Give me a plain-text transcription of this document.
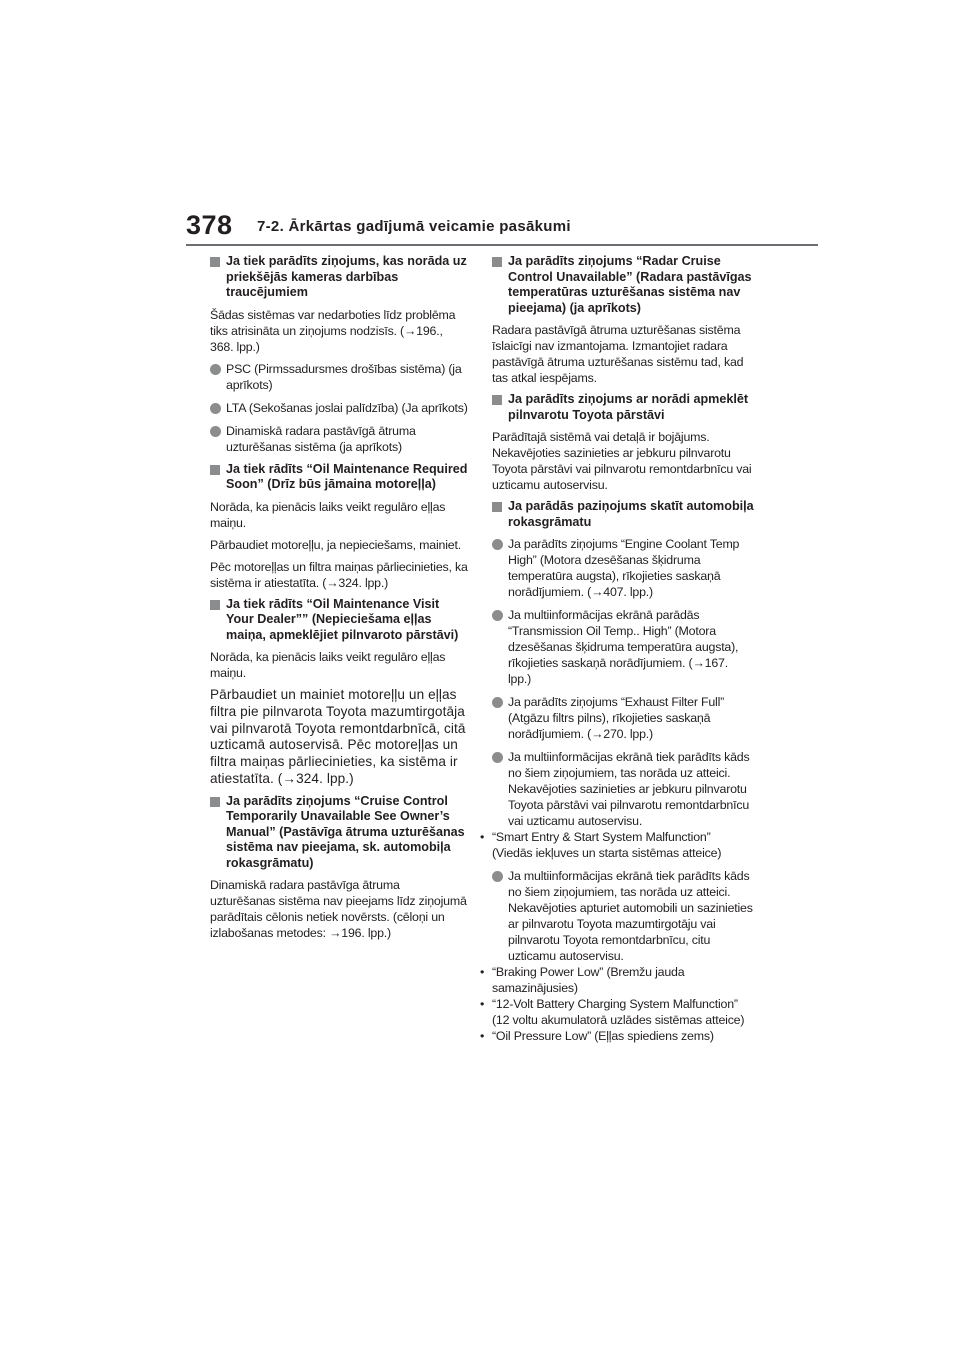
378 7-2. Ārkārtas gadījumā veicamie pasākumi
Ja tiek parādīts ziņojums, kas norāda uz priekšējās kameras darbības traucējumiem

Šādas sistēmas var nedarboties līdz problēma tiks atrisināta un ziņojums nodzisīs. (→196., 368. lpp.)

PSC (Pirmssadursmes drošības sistēma) (ja aprīkots)
LTA (Sekošanas joslai palīdzība) (Ja aprīkots)
Dinamiskā radara pastāvīgā ātruma uzturēšanas sistēma (ja aprīkots)
Ja tiek rādīts “Oil Maintenance Required Soon” (Drīz būs jāmaina motoreļļa)

Norāda, ka pienācis laiks veikt regulāro eļļas maiņu.

Pārbaudiet motoreļļu, ja nepieciešams, mainiet.

Pēc motoreļļas un filtra maiņas pārliecinieties, ka sistēma ir atiestatīta. (→324. lpp.)

Ja tiek rādīts “Oil Maintenance Visit Your Dealer”” (Nepieciešama eļļas maiņa, apmeklējiet pilnvaroto pārstāvi)

Norāda, ka pienācis laiks veikt regulāro eļļas maiņu.

Pārbaudiet un mainiet motoreļļu un eļļas filtra pie pilnvarota Toyota mazumtirgotāja vai pilnvarotā Toyota remontdarbnīcā, citā uzticamā autoservisā. Pēc motoreļļas un filtra maiņas pārliecinieties, ka sistēma ir atiestatīta. (→324. lpp.)

Ja parādīts ziņojums “Cruise Control Temporarily Unavailable See Owner’s Manual” (Pastāvīga ātruma uzturēšanas sistēma nav pieejama, sk. automobiļa rokasgrāmatu)

Dinamiskā radara pastāvīga ātruma uzturēšanas sistēma nav pieejams līdz ziņojumā parādītais cēlonis netiek novērsts. (cēloņi un izlabošanas metodes: →196. lpp.)

Ja parādīts ziņojums “Radar Cruise Control Unavailable” (Radara pastāvīgas temperatūras uzturēšanas sistēma nav pieejama) (ja aprīkots)

Radara pastāvīgā ātruma uzturēšanas sistēma īslaicīgi nav izmantojama. Izmantojiet radara pastāvīgā ātruma uzturēšanas sistēmu tad, kad tas atkal iespējams.

Ja parādīts ziņojums ar norādi apmeklēt pilnvarotu Toyota pārstāvi

Parādītajā sistēmā vai detaļā ir bojājums. Nekavējoties sazinieties ar jebkuru pilnvarotu Toyota pārstāvi vai pilnvarotu remontdarbnīcu vai uzticamu autoservisu.

Ja parādās paziņojums skatīt automobiļa rokasgrāmatu
Ja parādīts ziņojums “Engine Coolant Temp High” (Motora dzesēšanas šķidruma temperatūra augsta), rīkojieties saskaņā norādījumiem. (→407. lpp.)
Ja multiinformācijas ekrānā parādās “Transmission Oil Temp.. High” (Motora dzesēšanas šķidruma temperatūra augsta), rīkojieties saskaņā norādījumiem. (→167. lpp.)
Ja parādīts ziņojums “Exhaust Filter Full” (Atgāzu filtrs pilns), rīkojieties saskaņā norādījumiem. (→270. lpp.)
Ja multiinformācijas ekrānā tiek parādīts kāds no šiem ziņojumiem, tas norāda uz atteici. Nekavējoties sazinieties ar jebkuru pilnvarotu Toyota pārstāvi vai pilnvarotu remontdarbnīcu vai uzticamu autoservisu.
• “Smart Entry & Start System Malfunction” (Viedās iekļuves un starta sistēmas atteice)
Ja multiinformācijas ekrānā tiek parādīts kāds no šiem ziņojumiem, tas norāda uz atteici. Nekavējoties apturiet automobili un sazinieties ar pilnvarotu Toyota mazumtirgotāju vai pilnvarotu Toyota remontdarbnīcu, citu uzticamu autoservisu.
• “Braking Power Low” (Bremžu jauda samazinājusies)
• “12-Volt Battery Charging System Malfunction” (12 voltu akumulatorā uzlādes sistēmas atteice)
• “Oil Pressure Low” (Eļļas spiediens zems)
